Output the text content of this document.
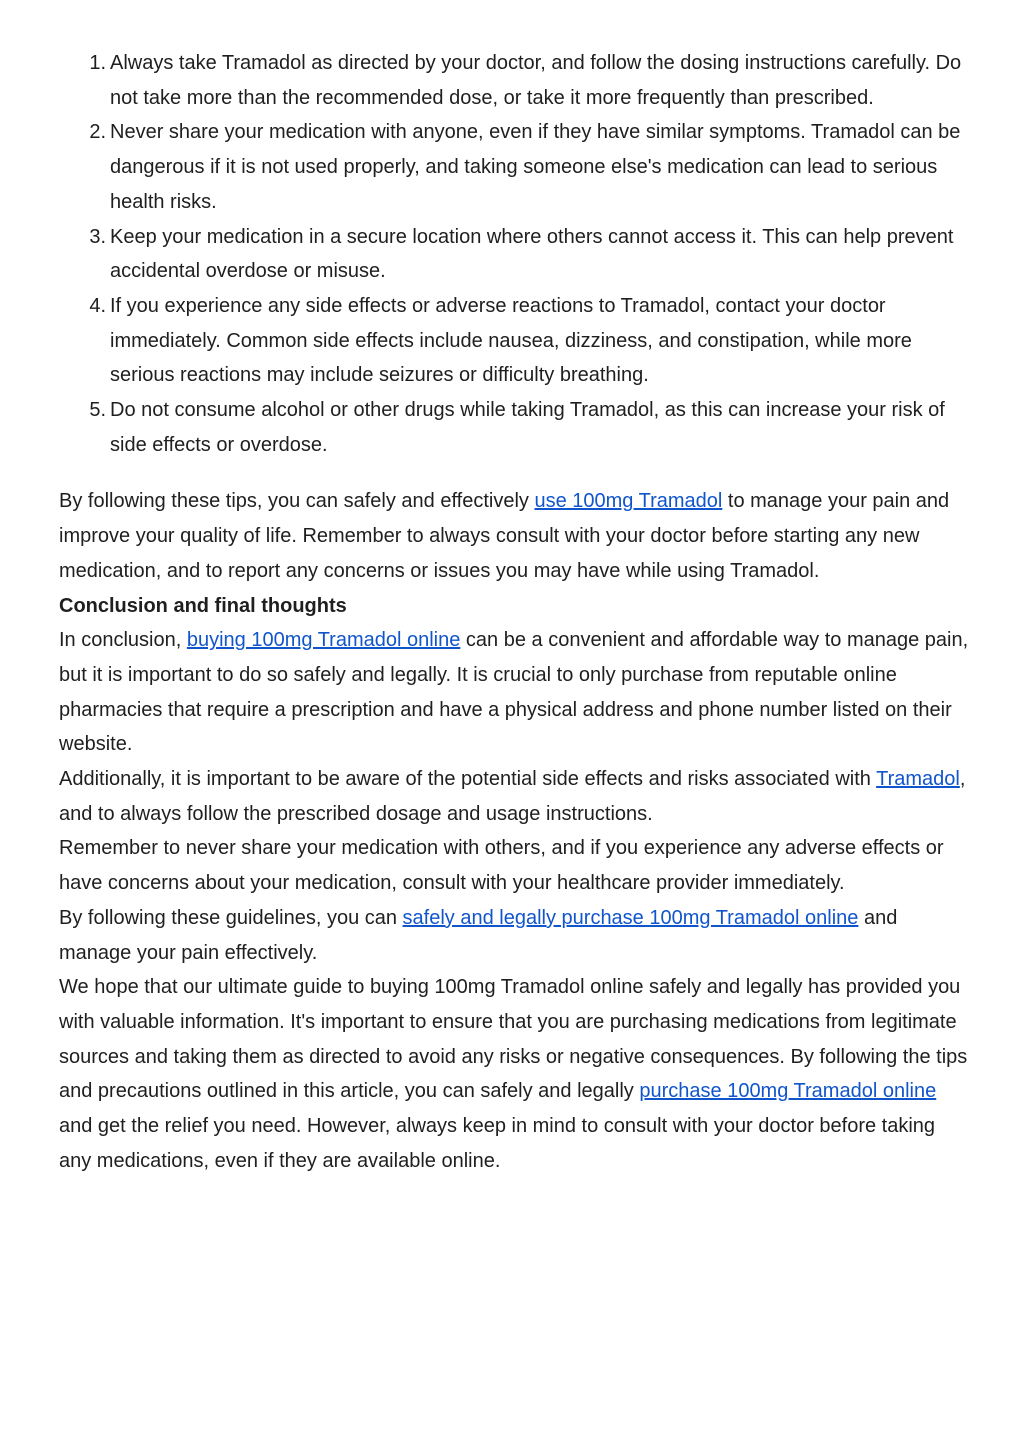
Always take Tramadol as directed by your doctor, and follow the dosing instructions carefully. Do not take more than the recommended dose, or take it more frequently than prescribed.
Never share your medication with anyone, even if they have similar symptoms. Tramadol can be dangerous if it is not used properly, and taking someone else's medication can lead to serious health risks.
Keep your medication in a secure location where others cannot access it. This can help prevent accidental overdose or misuse.
If you experience any side effects or adverse reactions to Tramadol, contact your doctor immediately. Common side effects include nausea, dizziness, and constipation, while more serious reactions may include seizures or difficulty breathing.
Do not consume alcohol or other drugs while taking Tramadol, as this can increase your risk of side effects or overdose.

By following these tips, you can safely and effectively use 100mg Tramadol to manage your pain and improve your quality of life. Remember to always consult with your doctor before starting any new medication, and to report any concerns or issues you may have while using Tramadol.

Conclusion and final thoughts

In conclusion, buying 100mg Tramadol online can be a convenient and affordable way to manage pain, but it is important to do so safely and legally. It is crucial to only purchase from reputable online pharmacies that require a prescription and have a physical address and phone number listed on their website.

Additionally, it is important to be aware of the potential side effects and risks associated with Tramadol, and to always follow the prescribed dosage and usage instructions.

Remember to never share your medication with others, and if you experience any adverse effects or have concerns about your medication, consult with your healthcare provider immediately.

By following these guidelines, you can safely and legally purchase 100mg Tramadol online and manage your pain effectively.

We hope that our ultimate guide to buying 100mg Tramadol online safely and legally has provided you with valuable information. It's important to ensure that you are purchasing medications from legitimate sources and taking them as directed to avoid any risks or negative consequences. By following the tips and precautions outlined in this article, you can safely and legally purchase 100mg Tramadol online and get the relief you need. However, always keep in mind to consult with your doctor before taking any medications, even if they are available online.
